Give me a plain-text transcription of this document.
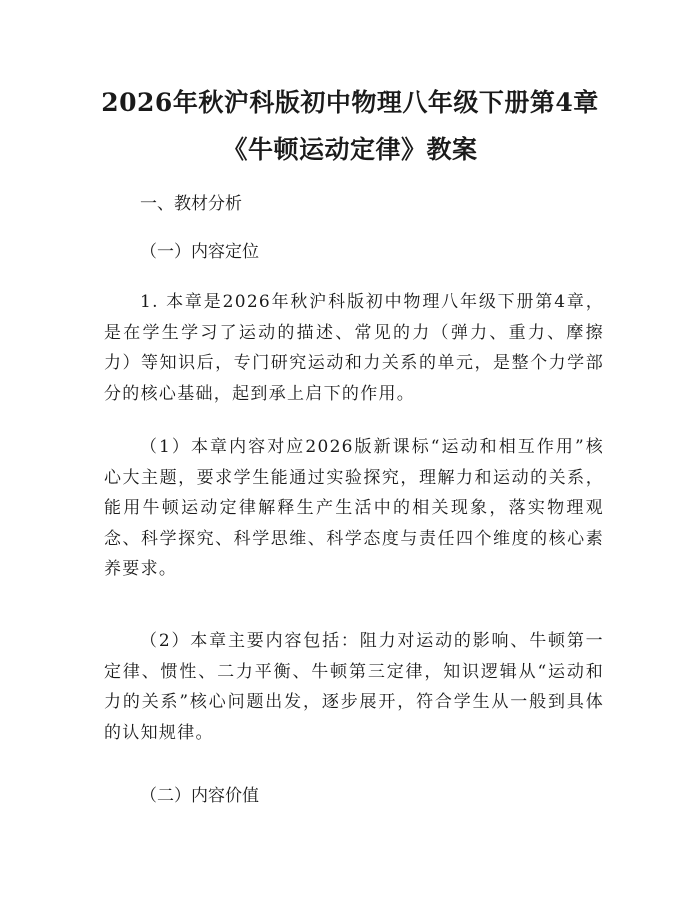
2026年秋沪科版初中物理八年级下册第4章
《牛顿运动定律》教案
一、教材分析
（一）内容定位

1. 本章是2026年秋沪科版初中物理八年级下册第4章，是在学生学习了运动的描述、常见的力（弹力、重力、摩擦力）等知识后，专门研究运动和力关系的单元，是整个力学部分的核心基础，起到承上启下的作用。

（1）本章内容对应2026版新课标“运动和相互作用”核心大主题，要求学生能通过实验探究，理解力和运动的关系，能用牛顿运动定律解释生产生活中的相关现象，落实物理观念、科学探究、科学思维、科学态度与责任四个维度的核心素养要求。

（2）本章主要内容包括：阻力对运动的影响、牛顿第一定律、惯性、二力平衡、牛顿第三定律，知识逻辑从“运动和力的关系”核心问题出发，逐步展开，符合学生从一般到具体的认知规律。

（二）内容价值
